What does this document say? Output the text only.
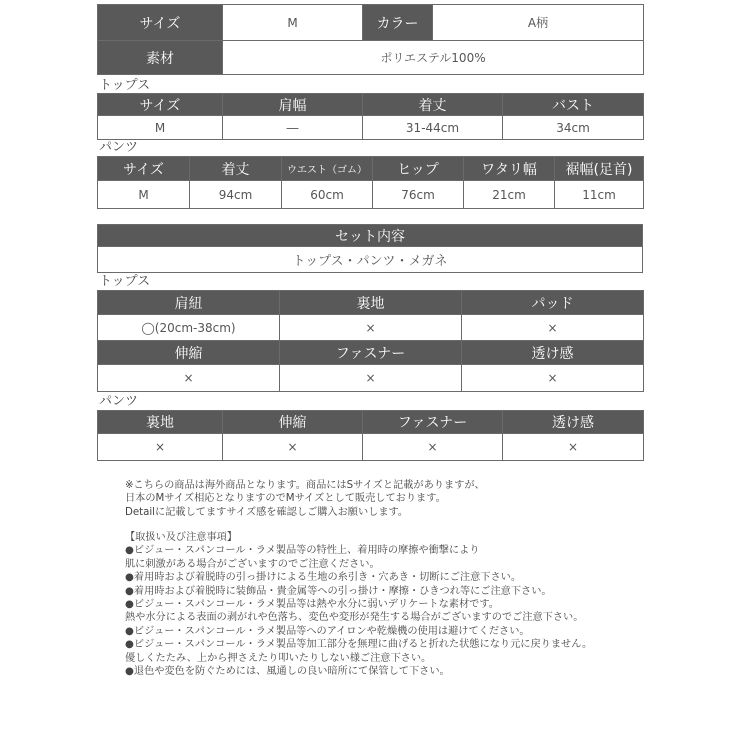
サイズ	M	カラー	A柄
素材	ポリエステル100%		
トップス
サイズ	肩幅	着丈	バスト
M	―	31-44cm	34cm
パンツ
サイズ	着丈	ウエスト（ゴム）	ヒップ	ワタリ幅	裾幅(足首)
M	94cm	60cm	76cm	21cm	11cm
セット内容
トップス・パンツ・メガネ
トップス
肩紐	裏地	パッド
◯(20cm-38cm)	×	×
伸縮	ファスナー	透け感
×	×	×
パンツ
裏地	伸縮	ファスナー	透け感
×	×	×	×
※こちらの商品は海外商品となります。商品にはSサイズと記載がありますが、
日本のMサイズ相応となりますのでMサイズとして販売しております。
Detailに記載してますサイズ感を確認しご購入お願いします。
【取扱い及び注意事項】
●ビジュー・スパンコール・ラメ製品等の特性上、着用時の摩擦や衝撃により
肌に刺激がある場合がございますのでご注意ください。
●着用時および着脱時の引っ掛けによる生地の糸引き・穴あき・切断にご注意下さい。
●着用時および着脱時に装飾品・貴金属等への引っ掛け・摩擦・ひきつれ等にご注意下さい。
●ビジュー・スパンコール・ラメ製品等は熱や水分に弱いデリケートな素材です。
熱や水分による表面の剥がれや色落ち、変色や変形が発生する場合がございますのでご注意下さい。
●ビジュー・スパンコール・ラメ製品等へのアイロンや乾燥機の使用は避けてください。
●ビジュー・スパンコール・ラメ製品等加工部分を無理に曲げると折れた状態になり元に戻りません。
優しくたたみ、上から押さえたり叩いたりしない様ご注意下さい。
●退色や変色を防ぐためには、風通しの良い暗所にて保管して下さい。
